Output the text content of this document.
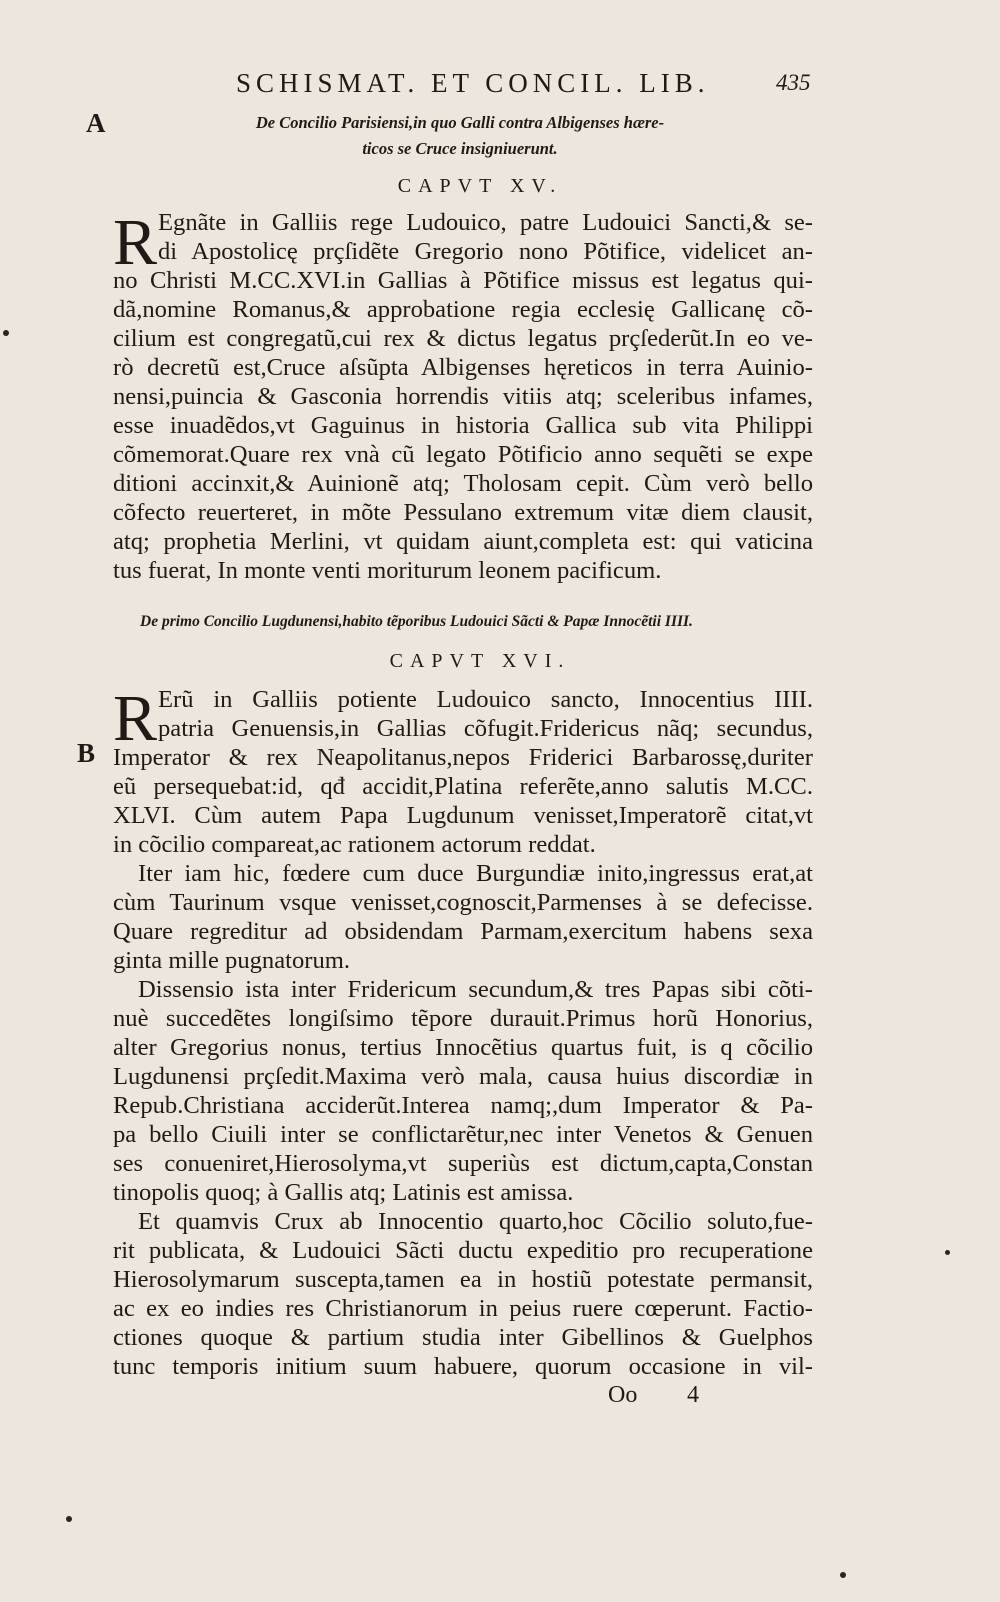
SCHISMAT. ET CONCIL. LIB.	435
A
B
De Concilio Parisiensi,in quo Galli contra Albigenses hære-
ticos se Cruce insigniuerunt.
CAPVT XV.
R Egnãte in Galliis rege Ludouico, patre Ludouici Sancti,& se-
di Apostolicę prçſidẽte Gregorio nono Põtifice, videlicet an-
no Christi M.CC.XVI.in Gallias à Põtifice missus est legatus qui-
dã,nomine Romanus,& approbatione regia ecclesię Gallicanę cõ-
cilium est congregatũ,cui rex & dictus legatus prçſederũt.In eo ve-
rò decretũ est,Cruce aſsũpta Albigenses hęreticos in terra Auinio-
nensi,puincia & Gasconia horrendis vitiis atq; sceleribus infames,
esse inuadẽdos,vt Gaguinus in historia Gallica sub vita Philippi
cõmemorat.Quare rex vnà cũ legato Põtificio anno sequẽti se expe
ditioni accinxit,& Auinionẽ atq; Tholosam cepit. Cùm verò bello
cõfecto reuerteret, in mõte Pessulano extremum vitæ diem clausit,
atq; prophetia Merlini, vt quidam aiunt,completa est: qui vaticina
tus fuerat, In monte venti moriturum leonem pacificum.
De primo Concilio Lugdunensi,habito tẽporibus Ludouici Sãcti & Papæ Innocẽtii IIII.
CAPVT XVI.
R Erũ in Galliis potiente Ludouico sancto, Innocentius IIII.
patria Genuensis,in Gallias cõfugit.Fridericus nãq; secundus,
Imperator & rex Neapolitanus,nepos Friderici Barbarossę,duriter
eũ persequebat:id, qđ accidit,Platina referẽte,anno salutis M.CC.
XLVI. Cùm autem Papa Lugdunum venisset,Imperatorẽ citat,vt
in cõcilio compareat,ac rationem actorum reddat.
Iter iam hic, fœdere cum duce Burgundiæ inito,ingressus erat,at
cùm Taurinum vsque venisset,cognoscit,Parmenses à se defecisse.
Quare regreditur ad obsidendam Parmam,exercitum habens sexa
ginta mille pugnatorum.
Dissensio ista inter Fridericum secundum,& tres Papas sibi cõti-
nuè succedẽtes longiſsimo tẽpore durauit.Primus horũ Honorius,
alter Gregorius nonus, tertius Innocẽtius quartus fuit, is q cõcilio
Lugdunensi prçſedit.Maxima verò mala, causa huius discordiæ in
Repub.Christiana acciderũt.Interea namq;,dum Imperator & Pa-
pa bello Ciuili inter se conflictarẽtur,nec inter Venetos & Genuen
ses conueniret,Hierosolyma,vt superiùs est dictum,capta,Constan
tinopolis quoq; à Gallis atq; Latinis est amissa.
Et quamvis Crux ab Innocentio quarto,hoc Cõcilio soluto,fue-
rit publicata, & Ludouici Sãcti ductu expeditio pro recuperatione
Hierosolymarum suscepta,tamen ea in hostiũ potestate permansit,
ac ex eo indies res Christianorum in peius ruere cœperunt. Factio-
ctiones quoque & partium studia inter Gibellinos & Guelphos
tunc temporis initium suum habuere, quorum occasione in vil-
Oo 4
